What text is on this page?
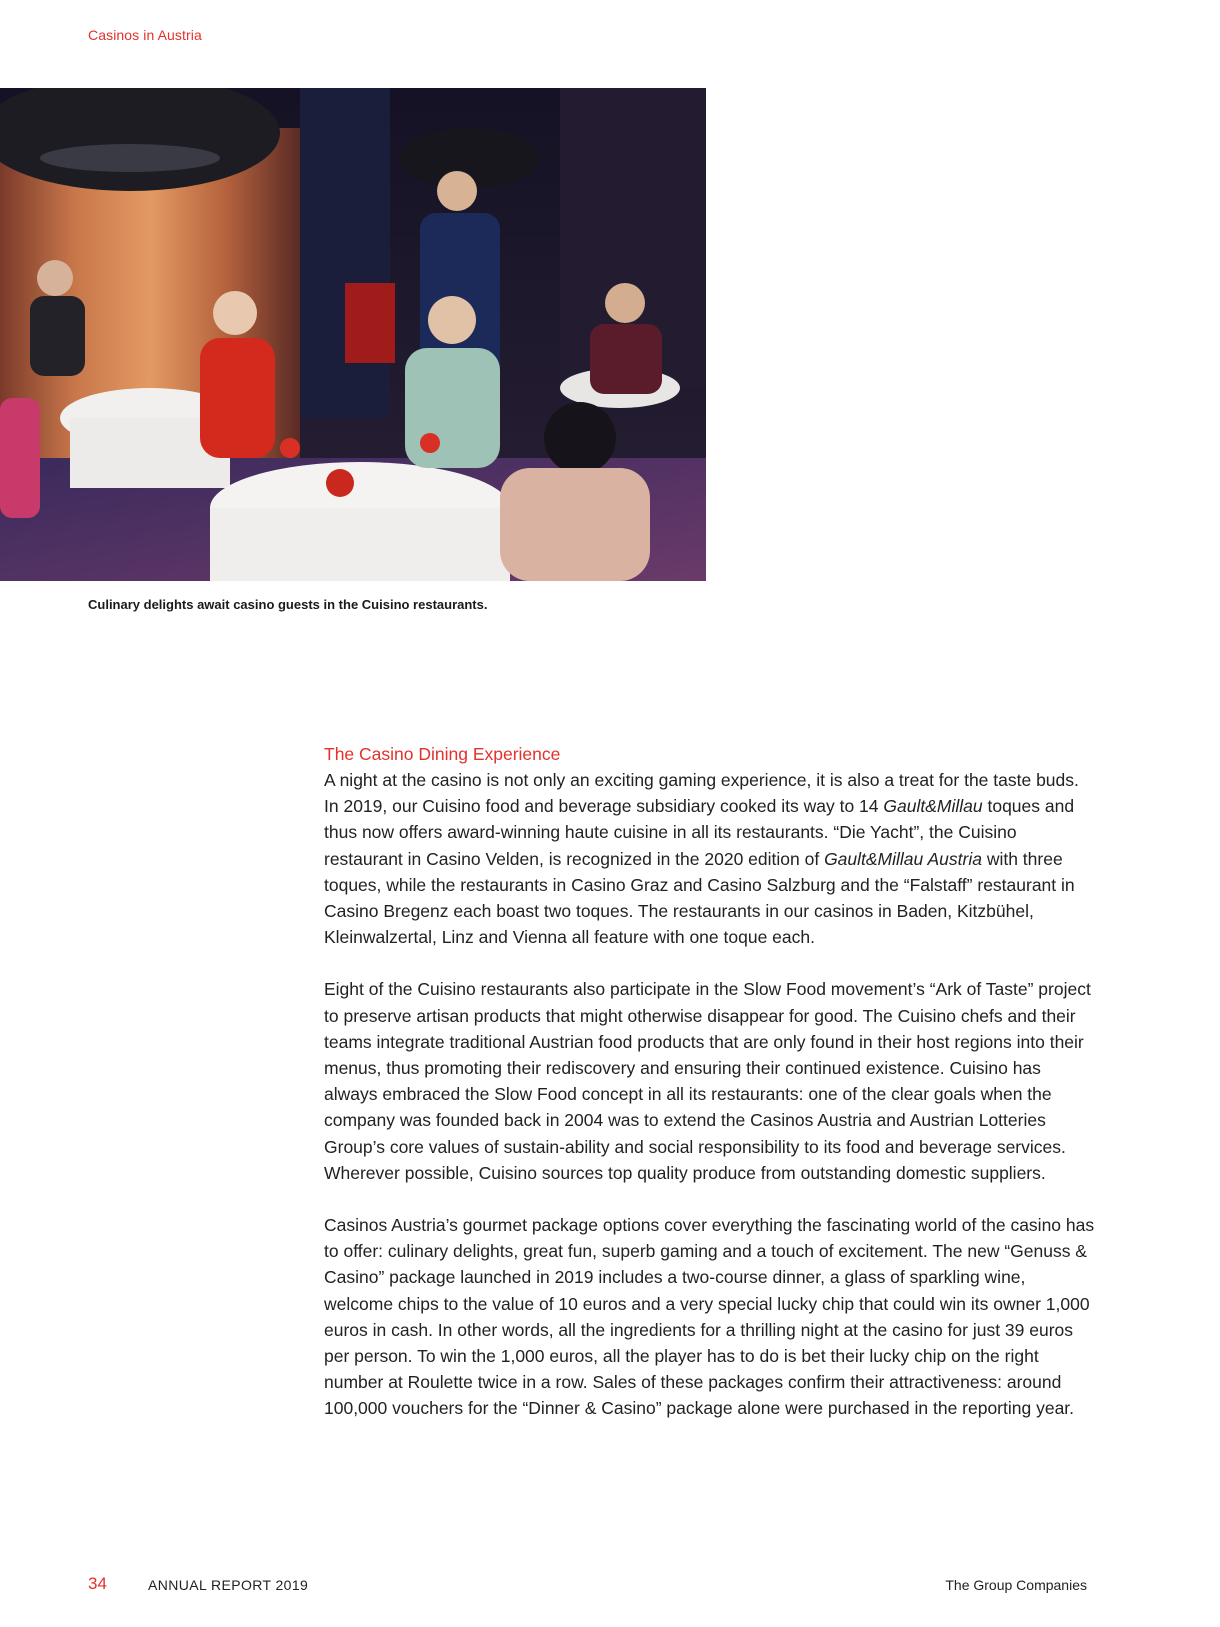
Casinos in Austria
Culinary delights await casino guests in the Cuisino restaurants.
The Casino Dining Experience

A night at the casino is not only an exciting gaming experience, it is also a treat for the taste buds. In 2019, our Cuisino food and beverage subsidiary cooked its way to 14 Gault&Millau toques and thus now offers award-winning haute cuisine in all its restaurants. “Die Yacht”, the Cuisino restaurant in Casino Velden, is recognized in the 2020 edition of Gault&Millau Austria with three toques, while the restaurants in Casino Graz and Casino Salzburg and the “Falstaff” restaurant in Casino Bregenz each boast two toques. The restaurants in our casinos in Baden, Kitzbühel, Kleinwalzertal, Linz and Vienna all feature with one toque each.

Eight of the Cuisino restaurants also participate in the Slow Food movement’s “Ark of Taste” project to preserve artisan products that might otherwise disappear for good. The Cuisino chefs and their teams integrate traditional Austrian food products that are only found in their host regions into their menus, thus promoting their rediscovery and ensuring their continued existence. Cuisino has always embraced the Slow Food concept in all its restaurants: one of the clear goals when the company was founded back in 2004 was to extend the Casinos Austria and Austrian Lotteries Group’s core values of sustain-ability and social responsibility to its food and beverage services. Wherever possible, Cuisino sources top quality produce from outstanding domestic suppliers.

Casinos Austria’s gourmet package options cover everything the fascinating world of the casino has to offer: culinary delights, great fun, superb gaming and a touch of excitement. The new “Genuss & Casino” package launched in 2019 includes a two-course dinner, a glass of sparkling wine, welcome chips to the value of 10 euros and a very special lucky chip that could win its owner 1,000 euros in cash. In other words, all the ingredients for a thrilling night at the casino for just 39 euros per person. To win the 1,000 euros, all the player has to do is bet their lucky chip on the right number at Roulette twice in a row. Sales of these packages confirm their attractiveness: around 100,000 vouchers for the “Dinner & Casino” package alone were purchased in the reporting year.

34	ANNUAL REPORT 2019	The Group Companies
